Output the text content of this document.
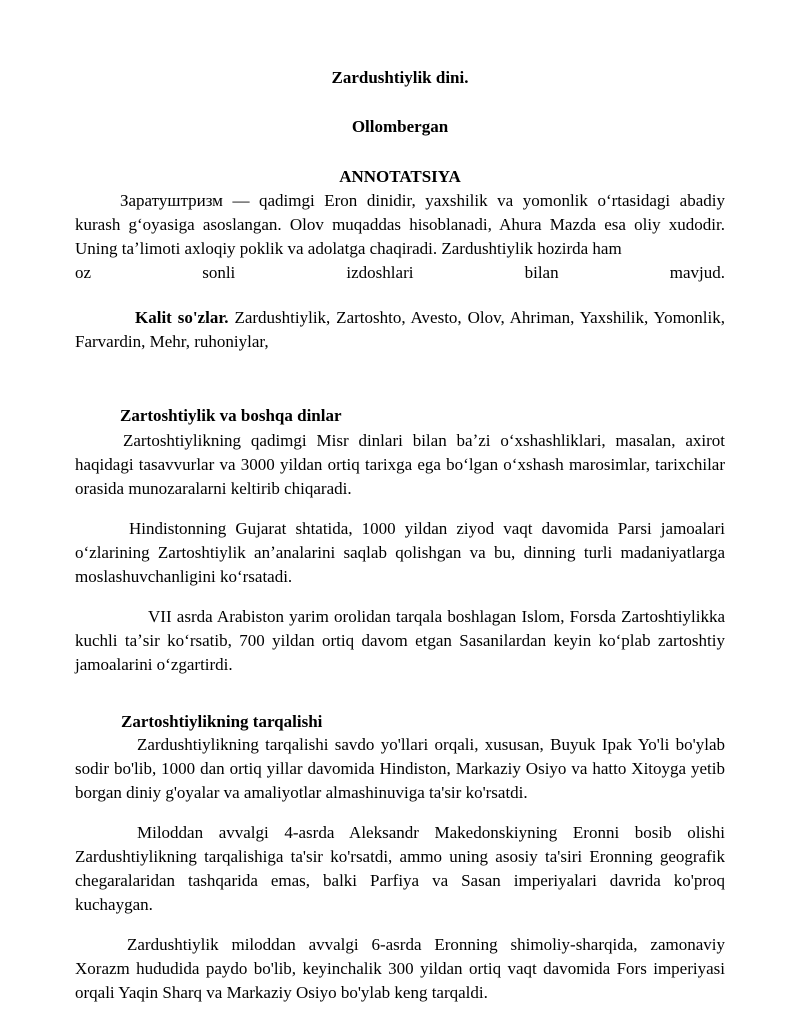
Zardushtiylik dini.
Ollombergan
ANNOTATSIYA
Заратуштризм — qadimgi Eron dinidir, yaxshilik va yomonlik oʻrtasidagi abadiy kurash gʻoyasiga asoslangan. Olov muqaddas hisoblanadi, Ahura Mazda esa oliy xudodir. Uning taʼlimoti axloqiy poklik va adolatga chaqiradi. Zardushtiylik hozirda ham
oz sonli izdoshlari bilan mavjud.
Kalit so'zlar. Zardushtiylik, Zartoshto, Avesto, Olov, Ahriman, Yaxshilik, Yomonlik, Farvardin, Mehr, ruhoniylar,
Zartoshtiylik va boshqa dinlar
Zartoshtiylikning qadimgi Misr dinlari bilan baʼzi oʻxshashliklari, masalan, axirot haqidagi tasavvurlar va 3000 yildan ortiq tarixga ega boʻlgan oʻxshash marosimlar, tarixchilar orasida munozaralarni keltirib chiqaradi.
Hindistonning Gujarat shtatida, 1000 yildan ziyod vaqt davomida Parsi jamoalari oʻzlarining Zartoshtiylik anʼanalarini saqlab qolishgan va bu, dinning turli madaniyatlarga moslashuvchanligini koʻrsatadi.
VII asrda Arabiston yarim orolidan tarqala boshlagan Islom, Forsda Zartoshtiylikka kuchli taʼsir koʻrsatib, 700 yildan ortiq davom etgan Sasanilardan keyin koʻplab zartoshtiy jamoalarini oʻzgartirdi.
Zartoshtiylikning tarqalishi
Zardushtiylikning tarqalishi savdo yo'llari orqali, xususan, Buyuk Ipak Yo'li bo'ylab sodir bo'lib, 1000 dan ortiq yillar davomida Hindiston, Markaziy Osiyo va hatto Xitoyga yetib borgan diniy g'oyalar va amaliyotlar almashinuviga ta'sir ko'rsatdi.
Miloddan avvalgi 4-asrda Aleksandr Makedonskiyning Eronni bosib olishi Zardushtiylikning tarqalishiga ta'sir ko'rsatdi, ammo uning asosiy ta'siri Eronning geografik chegaralaridan tashqarida emas, balki Parfiya va Sasan imperiyalari davrida ko'proq kuchaygan.
Zardushtiylik miloddan avvalgi 6-asrda Eronning shimoliy-sharqida, zamonaviy Xorazm hududida paydo bo'lib, keyinchalik 300 yildan ortiq vaqt davomida Fors imperiyasi orqali Yaqin Sharq va Markaziy Osiyo bo'ylab keng tarqaldi.
